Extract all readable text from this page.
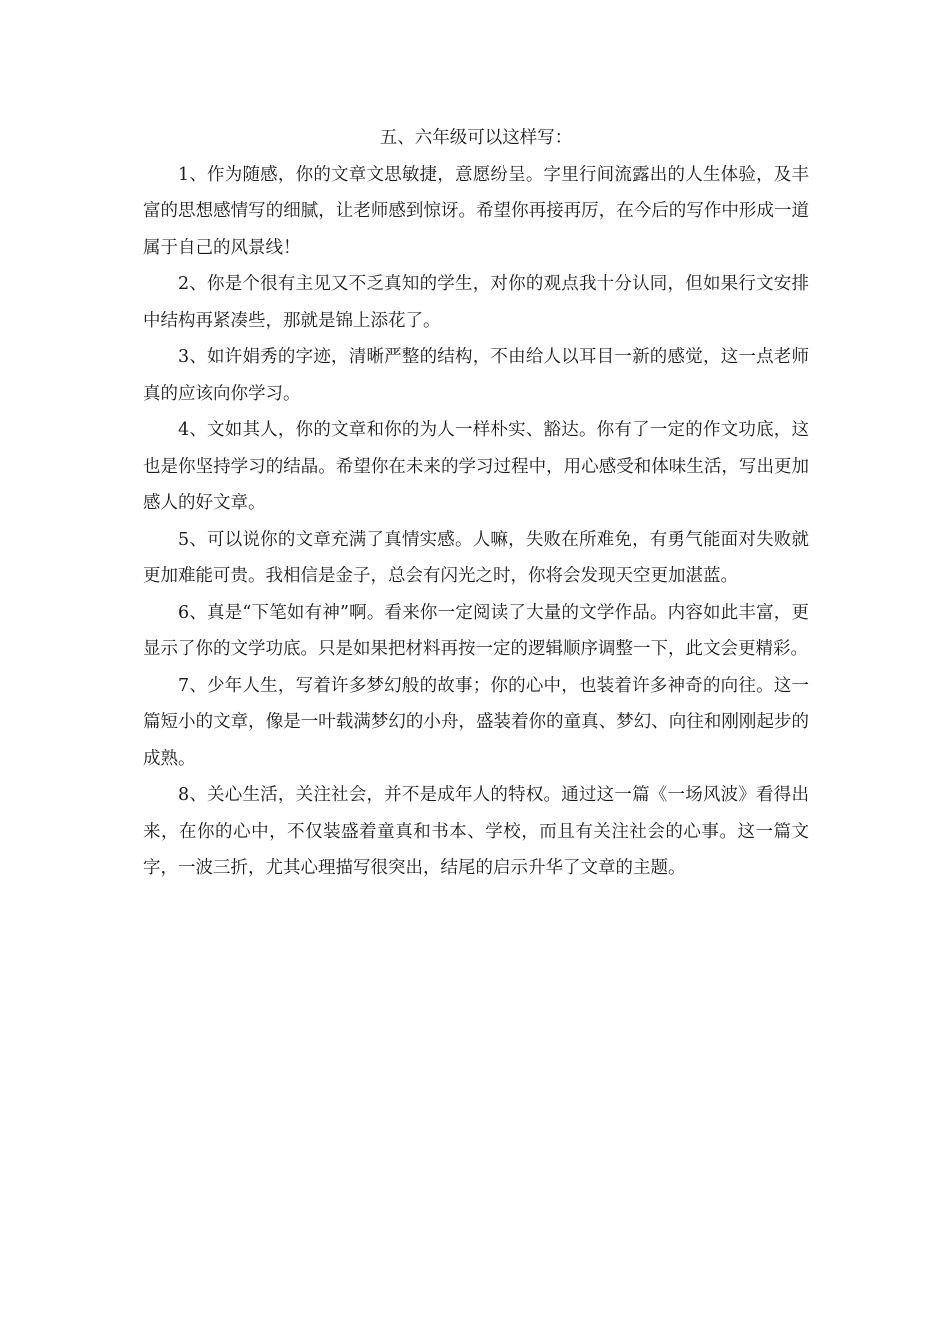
五、六年级可以这样写：

1、作为随感，你的文章文思敏捷，意愿纷呈。字里行间流露出的人生体验，及丰富的思想感情写的细腻，让老师感到惊讶。希望你再接再厉，在今后的写作中形成一道属于自己的风景线！

2、你是个很有主见又不乏真知的学生，对你的观点我十分认同，但如果行文安排中结构再紧凑些，那就是锦上添花了。

3、如许娟秀的字迹，清晰严整的结构，不由给人以耳目一新的感觉，这一点老师真的应该向你学习。

4、文如其人，你的文章和你的为人一样朴实、豁达。你有了一定的作文功底，这也是你坚持学习的结晶。希望你在未来的学习过程中，用心感受和体味生活，写出更加感人的好文章。

5、可以说你的文章充满了真情实感。人嘛，失败在所难免，有勇气能面对失败就更加难能可贵。我相信是金子，总会有闪光之时，你将会发现天空更加湛蓝。

6、真是“下笔如有神”啊。看来你一定阅读了大量的文学作品。内容如此丰富，更显示了你的文学功底。只是如果把材料再按一定的逻辑顺序调整一下，此文会更精彩。

7、少年人生，写着许多梦幻般的故事；你的心中，也装着许多神奇的向往。这一篇短小的文章，像是一叶载满梦幻的小舟，盛装着你的童真、梦幻、向往和刚刚起步的成熟。

8、关心生活，关注社会，并不是成年人的特权。通过这一篇《一场风波》看得出来，在你的心中，不仅装盛着童真和书本、学校，而且有关注社会的心事。这一篇文字，一波三折，尤其心理描写很突出，结尾的启示升华了文章的主题。
